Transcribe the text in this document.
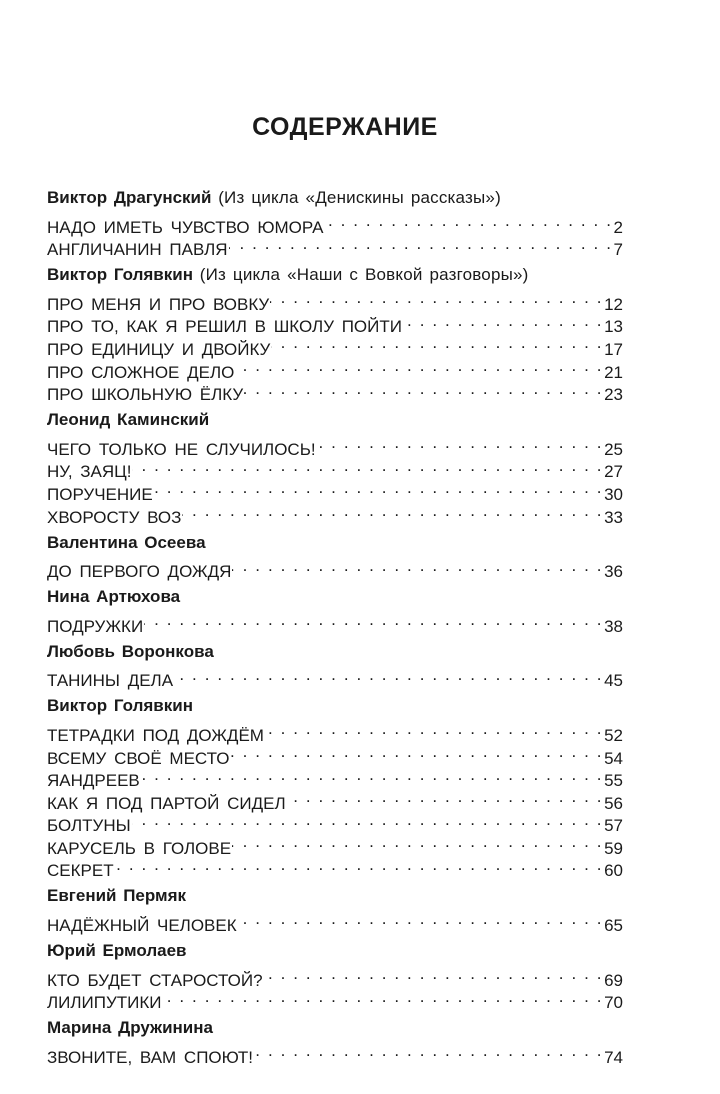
СОДЕРЖАНИЕ
Виктор Драгунский (Из цикла «Денискины рассказы»)
НАДО ИМЕТЬ ЧУВСТВО ЮМОРА . . .	2
АНГЛИЧАНИН ПАВЛЯ . . .	7
Виктор Голявкин (Из цикла «Наши с Вовкой разговоры»)
ПРО МЕНЯ И ПРО ВОВКУ . . .	12
ПРО ТО, КАК Я РЕШИЛ В ШКОЛУ ПОЙТИ . . .	13
ПРО ЕДИНИЦУ И ДВОЙКУ . . .	17
ПРО СЛОЖНОЕ ДЕЛО . . .	21
ПРО ШКОЛЬНУЮ ЁЛКУ . . .	23
Леонид Каминский
ЧЕГО ТОЛЬКО НЕ СЛУЧИЛОСЬ! . . .	25
НУ, ЗАЯЦ! . . .	27
ПОРУЧЕНИЕ . . .	30
ХВОРОСТУ ВОЗ . . .	33
Валентина Осеева
ДО ПЕРВОГО ДОЖДЯ . . .	36
Нина Артюхова
ПОДРУЖКИ . . .	38
Любовь Воронкова
ТАНИНЫ ДЕЛА . . .	45
Виктор Голявкин
ТЕТРАДКИ ПОД ДОЖДЁМ . . .	52
ВСЕМУ СВОЁ МЕСТО . . .	54
ЯАНДРЕЕВ . . .	55
КАК Я ПОД ПАРТОЙ СИДЕЛ . . .	56
БОЛТУНЫ . . .	57
КАРУСЕЛЬ В ГОЛОВЕ . . .	59
СЕКРЕТ . . .	60
Евгений Пермяк
НАДЁЖНЫЙ ЧЕЛОВЕК . . .	65
Юрий Ермолаев
КТО БУДЕТ СТАРОСТОЙ? . . .	69
ЛИЛИПУТИКИ . . .	70
Марина Дружинина
ЗВОНИТЕ, ВАМ СПОЮТ! . . .	74
